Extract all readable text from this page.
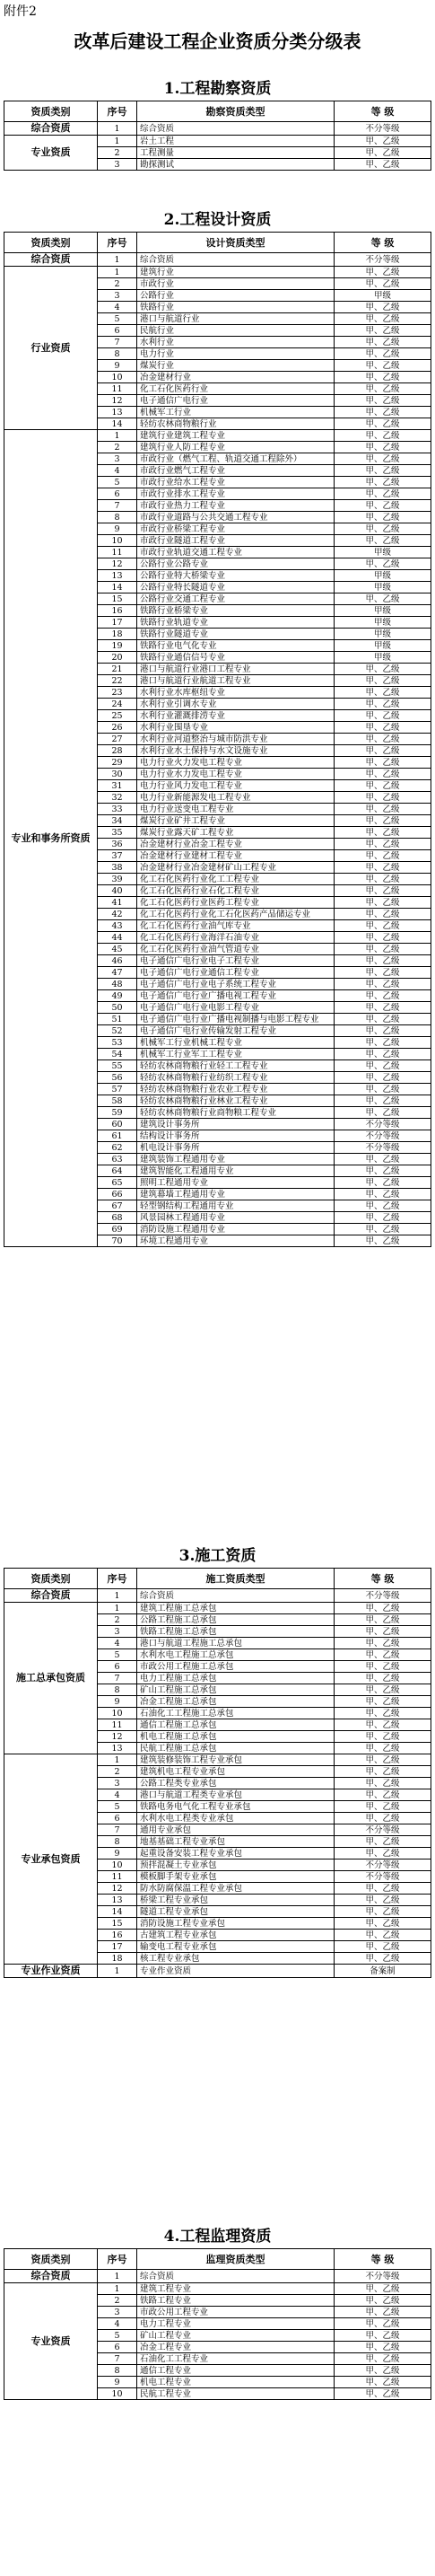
附件2
改革后建设工程企业资质分类分级表
1.工程勘察资质
资质类别	序号	勘察资质类型	等 级
综合资质	1	综合资质	不分等级
专业资质	1	岩土工程	甲、乙级
	2	工程测量	甲、乙级
	3	勘探测试	甲、乙级
2.工程设计资质
资质类别	序号	设计资质类型	等 级
综合资质	1	综合资质	不分等级
行业资质	1	建筑行业	甲、乙级
	2	市政行业	甲、乙级
	3	公路行业	甲级
	4	铁路行业	甲、乙级
	5	港口与航道行业	甲、乙级
	6	民航行业	甲、乙级
	7	水利行业	甲、乙级
	8	电力行业	甲、乙级
	9	煤炭行业	甲、乙级
	10	冶金建材行业	甲、乙级
	11	化工石化医药行业	甲、乙级
	12	电子通信广电行业	甲、乙级
	13	机械军工行业	甲、乙级
	14	轻纺农林商物粮行业	甲、乙级
专业和事务所资质	1	建筑行业建筑工程专业	甲、乙级
	2	建筑行业人防工程专业	甲、乙级
	3	市政行业（燃气工程、轨道交通工程除外）	甲、乙级
	4	市政行业燃气工程专业	甲、乙级
	5	市政行业给水工程专业	甲、乙级
	6	市政行业排水工程专业	甲、乙级
	7	市政行业热力工程专业	甲、乙级
	8	市政行业道路与公共交通工程专业	甲、乙级
	9	市政行业桥梁工程专业	甲、乙级
	10	市政行业隧道工程专业	甲、乙级
	11	市政行业轨道交通工程专业	甲级
	12	公路行业公路专业	甲、乙级
	13	公路行业特大桥梁专业	甲级
	14	公路行业特长隧道专业	甲级
	15	公路行业交通工程专业	甲、乙级
	16	铁路行业桥梁专业	甲级
	17	铁路行业轨道专业	甲级
	18	铁路行业隧道专业	甲级
	19	铁路行业电气化专业	甲级
	20	铁路行业通信信号专业	甲级
	21	港口与航道行业港口工程专业	甲、乙级
	22	港口与航道行业航道工程专业	甲、乙级
	23	水利行业水库枢纽专业	甲、乙级
	24	水利行业引调水专业	甲、乙级
	25	水利行业灌溉排涝专业	甲、乙级
	26	水利行业围垦专业	甲、乙级
	27	水利行业河道整治与城市防洪专业	甲、乙级
	28	水利行业水土保持与水文设施专业	甲、乙级
	29	电力行业火力发电工程专业	甲、乙级
	30	电力行业水力发电工程专业	甲、乙级
	31	电力行业风力发电工程专业	甲、乙级
	32	电力行业新能源发电工程专业	甲、乙级
	33	电力行业送变电工程专业	甲、乙级
	34	煤炭行业矿井工程专业	甲、乙级
	35	煤炭行业露天矿工程专业	甲、乙级
	36	冶金建材行业冶金工程专业	甲、乙级
	37	冶金建材行业建材工程专业	甲、乙级
	38	冶金建材行业冶金建材矿山工程专业	甲、乙级
	39	化工石化医药行业化工工程专业	甲、乙级
	40	化工石化医药行业石化工程专业	甲、乙级
	41	化工石化医药行业医药工程专业	甲、乙级
	42	化工石化医药行业化工石化医药产品储运专业	甲、乙级
	43	化工石化医药行业油气库专业	甲、乙级
	44	化工石化医药行业海洋石油专业	甲、乙级
	45	化工石化医药行业油气管道专业	甲、乙级
	46	电子通信广电行业电子工程专业	甲、乙级
	47	电子通信广电行业通信工程专业	甲、乙级
	48	电子通信广电行业电子系统工程专业	甲、乙级
	49	电子通信广电行业广播电视工程专业	甲、乙级
	50	电子通信广电行业电影工程专业	甲、乙级
	51	电子通信广电行业广播电视制播与电影工程专业	甲、乙级
	52	电子通信广电行业传输发射工程专业	甲、乙级
	53	机械军工行业机械工程专业	甲、乙级
	54	机械军工行业军工工程专业	甲、乙级
	55	轻纺农林商物粮行业轻工工程专业	甲、乙级
	56	轻纺农林商物粮行业纺织工程专业	甲、乙级
	57	轻纺农林商物粮行业农业工程专业	甲、乙级
	58	轻纺农林商物粮行业林业工程专业	甲、乙级
	59	轻纺农林商物粮行业商物粮工程专业	甲、乙级
	60	建筑设计事务所	不分等级
	61	结构设计事务所	不分等级
	62	机电设计事务所	不分等级
	63	建筑装饰工程通用专业	甲、乙级
	64	建筑智能化工程通用专业	甲、乙级
	65	照明工程通用专业	甲、乙级
	66	建筑幕墙工程通用专业	甲、乙级
	67	轻型钢结构工程通用专业	甲、乙级
	68	风景园林工程通用专业	甲、乙级
	69	消防设施工程通用专业	甲、乙级
	70	环境工程通用专业	甲、乙级
3.施工资质
资质类别	序号	施工资质类型	等 级
综合资质	1	综合资质	不分等级
施工总承包资质	1	建筑工程施工总承包	甲、乙级
	2	公路工程施工总承包	甲、乙级
	3	铁路工程施工总承包	甲、乙级
	4	港口与航道工程施工总承包	甲、乙级
	5	水利水电工程施工总承包	甲、乙级
	6	市政公用工程施工总承包	甲、乙级
	7	电力工程施工总承包	甲、乙级
	8	矿山工程施工总承包	甲、乙级
	9	冶金工程施工总承包	甲、乙级
	10	石油化工工程施工总承包	甲、乙级
	11	通信工程施工总承包	甲、乙级
	12	机电工程施工总承包	甲、乙级
	13	民航工程施工总承包	甲、乙级
专业承包资质	1	建筑装修装饰工程专业承包	甲、乙级
	2	建筑机电工程专业承包	甲、乙级
	3	公路工程类专业承包	甲、乙级
	4	港口与航道工程类专业承包	甲、乙级
	5	铁路电务电气化工程专业承包	甲、乙级
	6	水利水电工程类专业承包	甲、乙级
	7	通用专业承包	不分等级
	8	地基基础工程专业承包	甲、乙级
	9	起重设备安装工程专业承包	甲、乙级
	10	预拌混凝土专业承包	不分等级
	11	模板脚手架专业承包	不分等级
	12	防水防腐保温工程专业承包	甲、乙级
	13	桥梁工程专业承包	甲、乙级
	14	隧道工程专业承包	甲、乙级
	15	消防设施工程专业承包	甲、乙级
	16	古建筑工程专业承包	甲、乙级
	17	输变电工程专业承包	甲、乙级
	18	核工程专业承包	甲、乙级
专业作业资质	1	专业作业资质	备案制
4.工程监理资质
资质类别	序号	监理资质类型	等 级
综合资质	1	综合资质	不分等级
专业资质	1	建筑工程专业	甲、乙级
	2	铁路工程专业	甲、乙级
	3	市政公用工程专业	甲、乙级
	4	电力工程专业	甲、乙级
	5	矿山工程专业	甲、乙级
	6	冶金工程专业	甲、乙级
	7	石油化工工程专业	甲、乙级
	8	通信工程专业	甲、乙级
	9	机电工程专业	甲、乙级
	10	民航工程专业	甲、乙级
